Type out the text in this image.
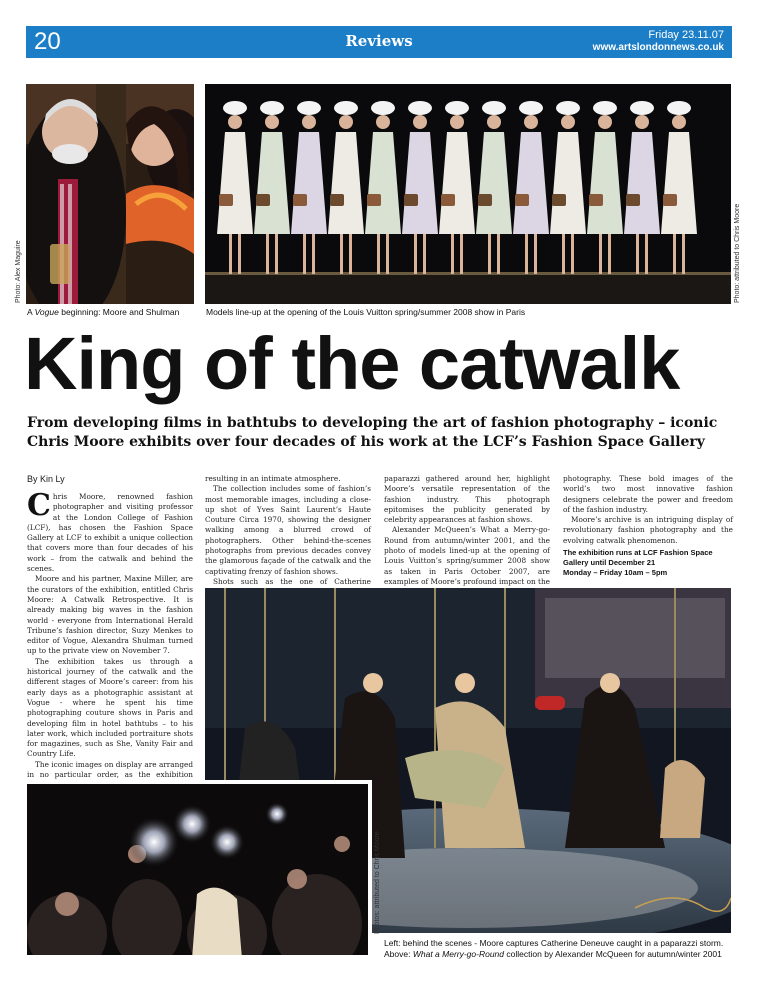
20	Reviews	Friday 23.11.07
www.artslondonnews.co.uk
Photo: Alex Maguire
A Vogue beginning: Moore and Shulman
Photo: attributed to Chris Moore
Models line-up at the opening of the Louis Vuitton spring/summer 2008 show in Paris
King of the catwalk

From developing films in bathtubs to developing the art of fashion photography – iconic Chris Moore exhibits over four decades of his work at the LCF’s Fashion Space Gallery

By Kin Ly

Chris Moore, renowned fashion photographer and visiting professor at the London College of Fashion (LCF), has chosen the Fashion Space Gallery at LCF to exhibit a unique collection that covers more than four decades of his work – from the catwalk and behind the scenes.

Moore and his partner, Maxine Miller, are the curators of the exhibition, entitled Chris Moore: A Catwalk Retrospective. It is already making big waves in the fashion world - everyone from International Herald Tribune’s fashion director, Suzy Menkes to editor of Vogue, Alexandra Shulman turned up to the private view on November 7.

The exhibition takes us through a historical journey of the catwalk and the different stages of Moore’s career: from his early days as a photographic assistant at Vogue - where he spent his time photographing couture shows in Paris and developing film in hotel bathtubs – to his later work, which included portraiture shots for magazines, such as She, Vanity Fair and Country Life.

The iconic images on display are arranged in no particular order, as the exhibition

resulting in an intimate atmosphere.

The collection includes some of fashion’s most memorable images, including a close-up shot of Yves Saint Laurent’s Haute Couture Circa 1970, showing the designer walking among a blurred crowd of photographers. Other behind-the-scenes photographs from previous decades convey the glamorous façade of the catwalk and the captivating frenzy of fashion shows.

Shots such as the one of Catherine

paparazzi gathered around her, highlight Moore’s versatile representation of the fashion industry. This photograph epitomises the publicity generated by celebrity appearances at fashion shows.

Alexander McQueen’s What a Merry-go-Round from autumn/winter 2001, and the photo of models lined-up at the opening of Louis Vuitton’s spring/summer 2008 show as taken in Paris October 2007, are examples of Moore’s profound impact on the

photography. These bold images of the world’s two most innovative fashion designers celebrate the power and freedom of the fashion industry.

Moore’s archive is an intriguing display of revolutionary fashion photography and the evolving catwalk phenomenon.

The exhibition runs at LCF Fashion Space
Gallery until December 21
Monday – Friday 10am – 5pm
Photos: attributed to Chris Moore
Left: behind the scenes - Moore captures Catherine Deneuve caught in a paparazzi storm.
Above: What a Merry-go-Round collection by Alexander McQueen for autumn/winter 2001
